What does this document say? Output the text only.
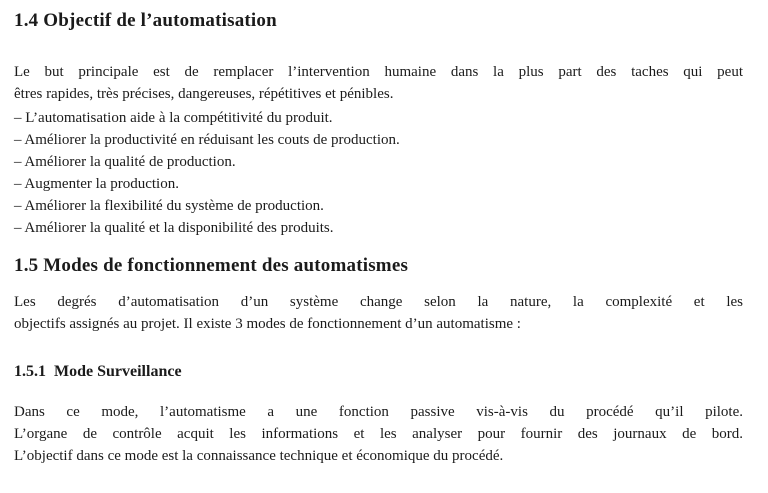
1.4 Objectif de l’automatisation
Le but principale est de remplacer l’intervention humaine dans la plus part des taches qui peut
êtres rapides, très précises, dangereuses, répétitives et pénibles.
– L’automatisation aide à la compétitivité du produit.
– Améliorer la productivité en réduisant les couts de production.
– Améliorer la qualité de production.
– Augmenter la production.
– Améliorer la flexibilité du système de production.
– Améliorer la qualité et la disponibilité des produits.
1.5 Modes de fonctionnement des automatismes
Les degrés d’automatisation d’un système change selon la nature, la complexité et les
objectifs assignés au projet. Il existe 3 modes de fonctionnement d’un automatisme :
1.5.1  Mode Surveillance
Dans ce mode, l’automatisme a une fonction passive vis-à-vis du procédé qu’il pilote.
L’organe de contrôle acquit les informations et les analyser pour fournir des journaux de bord.
L’objectif dans ce mode est la connaissance technique et économique du procédé.
